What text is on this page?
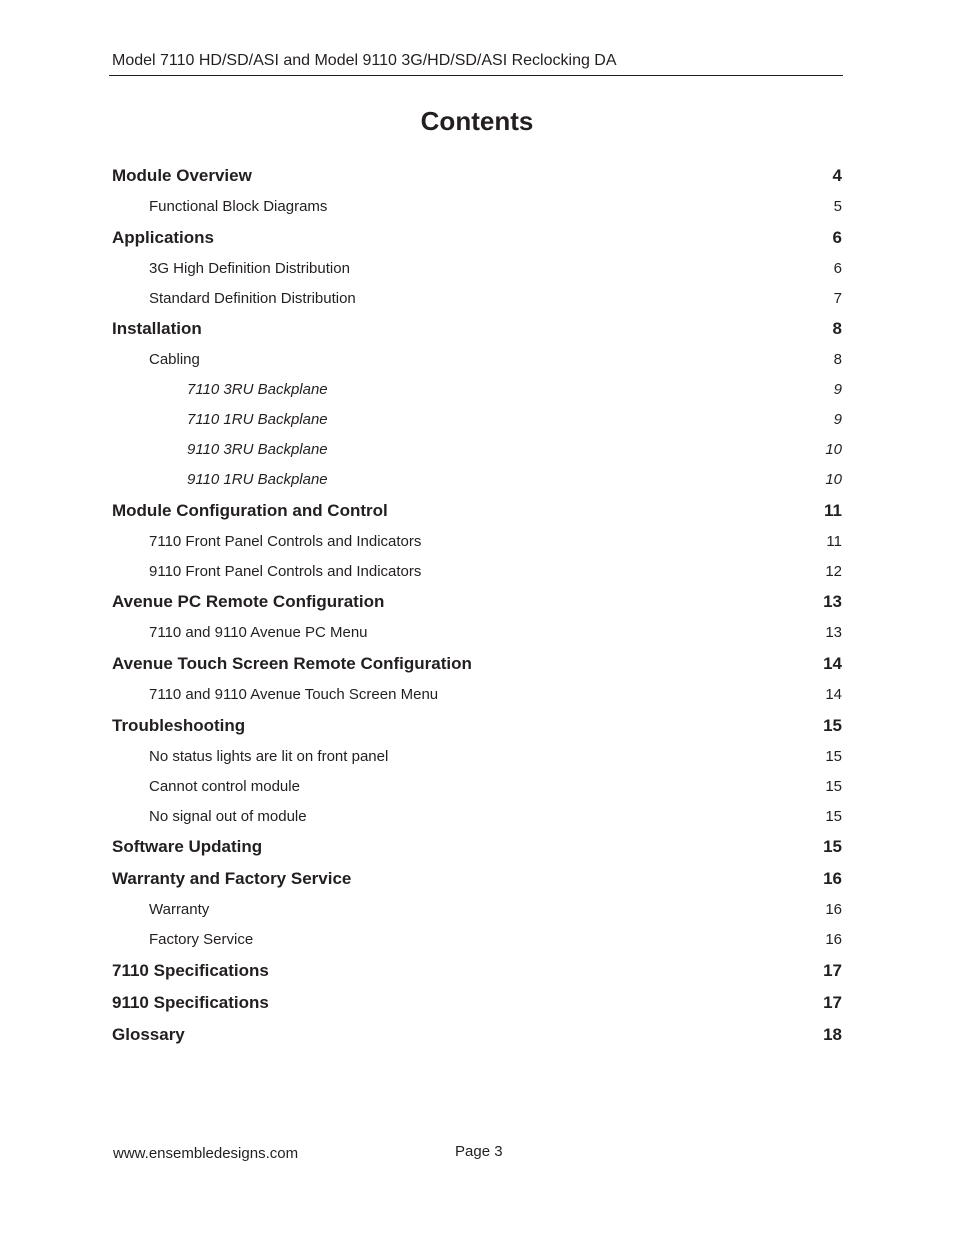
Model 7110 HD/SD/ASI and Model 9110 3G/HD/SD/ASI Reclocking DA
Contents
Module Overview	4
Functional Block Diagrams	5
Applications	6
3G High Definition Distribution	6
Standard Definition Distribution	7
Installation	8
Cabling	8
7110 3RU Backplane	9
7110 1RU Backplane	9
9110 3RU Backplane	10
9110 1RU Backplane	10
Module Configuration and Control	11
7110 Front Panel Controls and Indicators	11
9110 Front Panel Controls and Indicators	12
Avenue PC Remote Configuration	13
7110 and 9110 Avenue PC Menu	13
Avenue Touch Screen Remote Configuration	14
7110 and 9110 Avenue Touch Screen Menu	14
Troubleshooting	15
No status lights are lit on front panel	15
Cannot control module	15
No signal out of module	15
Software Updating	15
Warranty and Factory Service	16
Warranty	16
Factory Service	16
7110 Specifications	17
9110 Specifications	17
Glossary	18
www.ensembledesigns.com	Page 3
